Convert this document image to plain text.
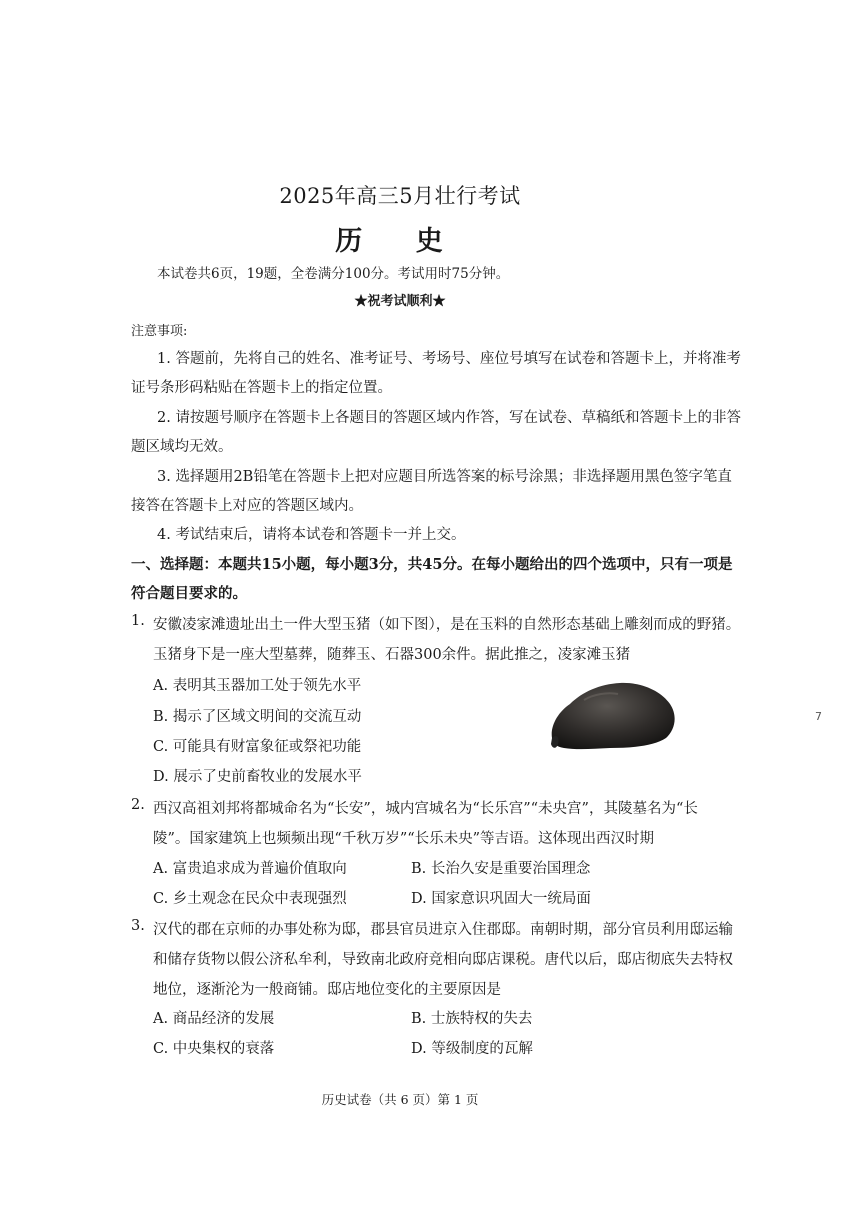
2025年高三5月壮行考试
历 史
本试卷共6页，19题，全卷满分100分。考试用时75分钟。
★祝考试顺利★
注意事项:
1. 答题前，先将自己的姓名、准考证号、考场号、座位号填写在试卷和答题卡上，并将准考
证号条形码粘贴在答题卡上的指定位置。
2. 请按题号顺序在答题卡上各题目的答题区域内作答，写在试卷、草稿纸和答题卡上的非答
题区域均无效。
3. 选择题用2B铅笔在答题卡上把对应题目所选答案的标号涂黑；非选择题用黑色签字笔直
接答在答题卡上对应的答题区域内。
4. 考试结束后，请将本试卷和答题卡一并上交。
一、选择题：本题共15小题，每小题3分，共45分。在每小题给出的四个选项中，只有一项是
符合题目要求的。
1. 安徽凌家滩遗址出土一件大型玉猪（如下图），是在玉料的自然形态基础上雕刻而成的野猪。
玉猪身下是一座大型墓葬，随葬玉、石器300余件。据此推之，凌家滩玉猪
A. 表明其玉器加工处于领先水平
B. 揭示了区域文明间的交流互动
C. 可能具有财富象征或祭祀功能
D. 展示了史前畜牧业的发展水平
7
2. 西汉高祖刘邦将都城命名为“长安”，城内宫城名为“长乐宫”“未央宫”，其陵墓名为“长
陵”。国家建筑上也频频出现“千秋万岁”“长乐未央”等吉语。这体现出西汉时期
A. 富贵追求成为普遍价值取向	B. 长治久安是重要治国理念
C. 乡土观念在民众中表现强烈	D. 国家意识巩固大一统局面
3. 汉代的郡在京师的办事处称为邸，郡县官员进京入住郡邸。南朝时期，部分官员利用邸运输
和储存货物以假公济私牟利，导致南北政府竞相向邸店课税。唐代以后，邸店彻底失去特权
地位，逐渐沦为一般商铺。邸店地位变化的主要原因是
A. 商品经济的发展	B. 士族特权的失去
C. 中央集权的衰落	D. 等级制度的瓦解
历史试卷（共 6 页）第 1 页
